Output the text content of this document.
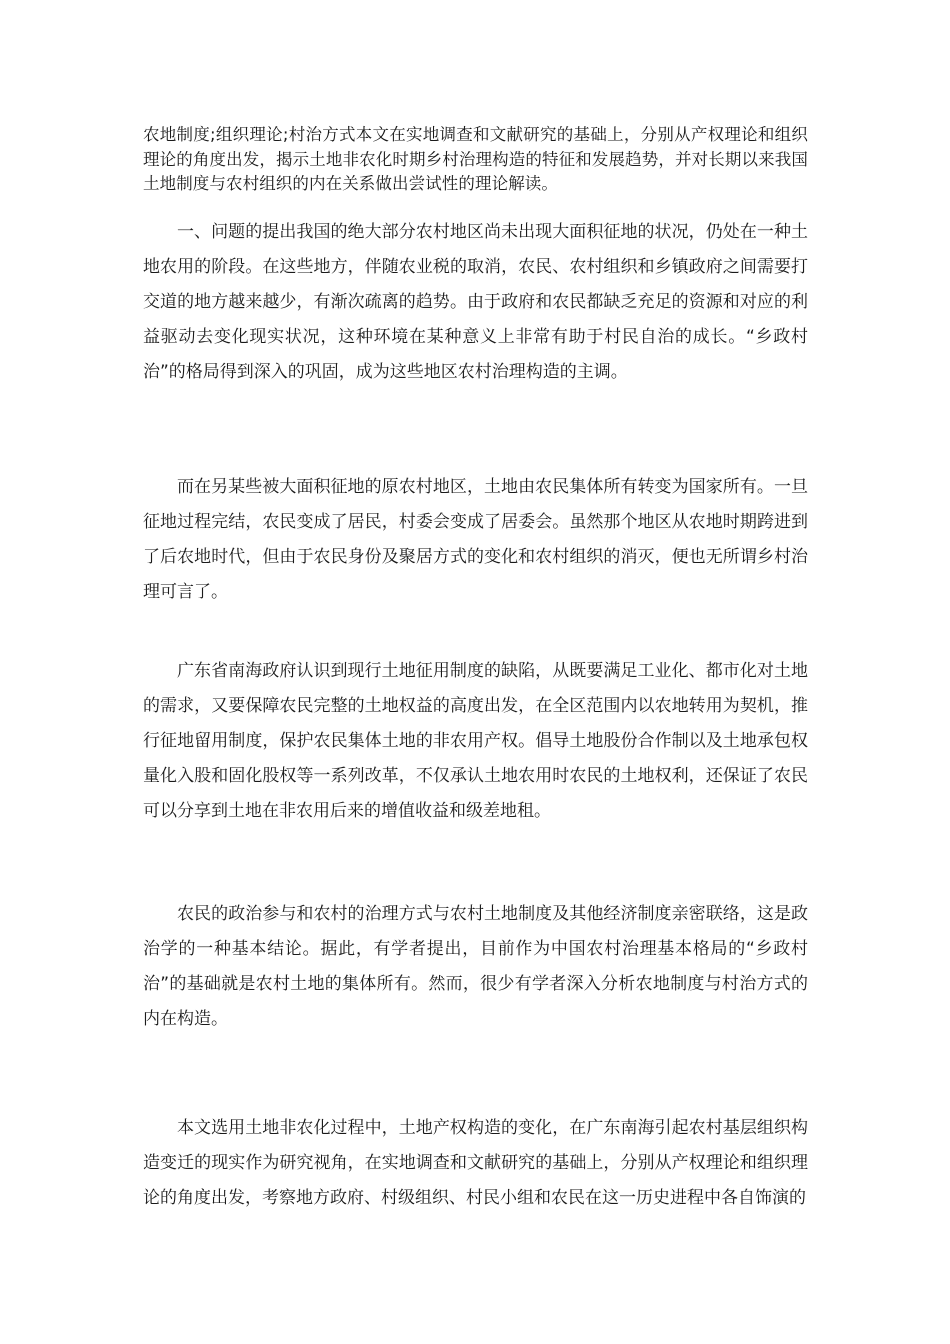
农地制度;组织理论;村治方式本文在实地调查和文献研究的基础上，分别从产权理论和组织理论的角度出发，揭示土地非农化时期乡村治理构造的特征和发展趋势，并对长期以来我国土地制度与农村组织的内在关系做出尝试性的理论解读。

一、问题的提出我国的绝大部分农村地区尚未出现大面积征地的状况，仍处在一种土地农用的阶段。在这些地方，伴随农业税的取消，农民、农村组织和乡镇政府之间需要打交道的地方越来越少，有渐次疏离的趋势。由于政府和农民都缺乏充足的资源和对应的利益驱动去变化现实状况，这种环境在某种意义上非常有助于村民自治的成长。“乡政村治”的格局得到深入的巩固，成为这些地区农村治理构造的主调。

而在另某些被大面积征地的原农村地区，土地由农民集体所有转变为国家所有。一旦征地过程完结，农民变成了居民，村委会变成了居委会。虽然那个地区从农地时期跨进到了后农地时代，但由于农民身份及聚居方式的变化和农村组织的消灭，便也无所谓乡村治理可言了。

广东省南海政府认识到现行土地征用制度的缺陷，从既要满足工业化、都市化对土地的需求，又要保障农民完整的土地权益的高度出发，在全区范围内以农地转用为契机，推行征地留用制度，保护农民集体土地的非农用产权。倡导土地股份合作制以及土地承包权量化入股和固化股权等一系列改革，不仅承认土地农用时农民的土地权利，还保证了农民可以分享到土地在非农用后来的增值收益和级差地租。

农民的政治参与和农村的治理方式与农村土地制度及其他经济制度亲密联络，这是政治学的一种基本结论。据此，有学者提出，目前作为中国农村治理基本格局的“乡政村治”的基础就是农村土地的集体所有。然而，很少有学者深入分析农地制度与村治方式的内在构造。

本文选用土地非农化过程中，土地产权构造的变化，在广东南海引起农村基层组织构造变迁的现实作为研究视角，在实地调查和文献研究的基础上，分别从产权理论和组织理论的角度出发，考察地方政府、村级组织、村民小组和农民在这一历史进程中各自饰演的
